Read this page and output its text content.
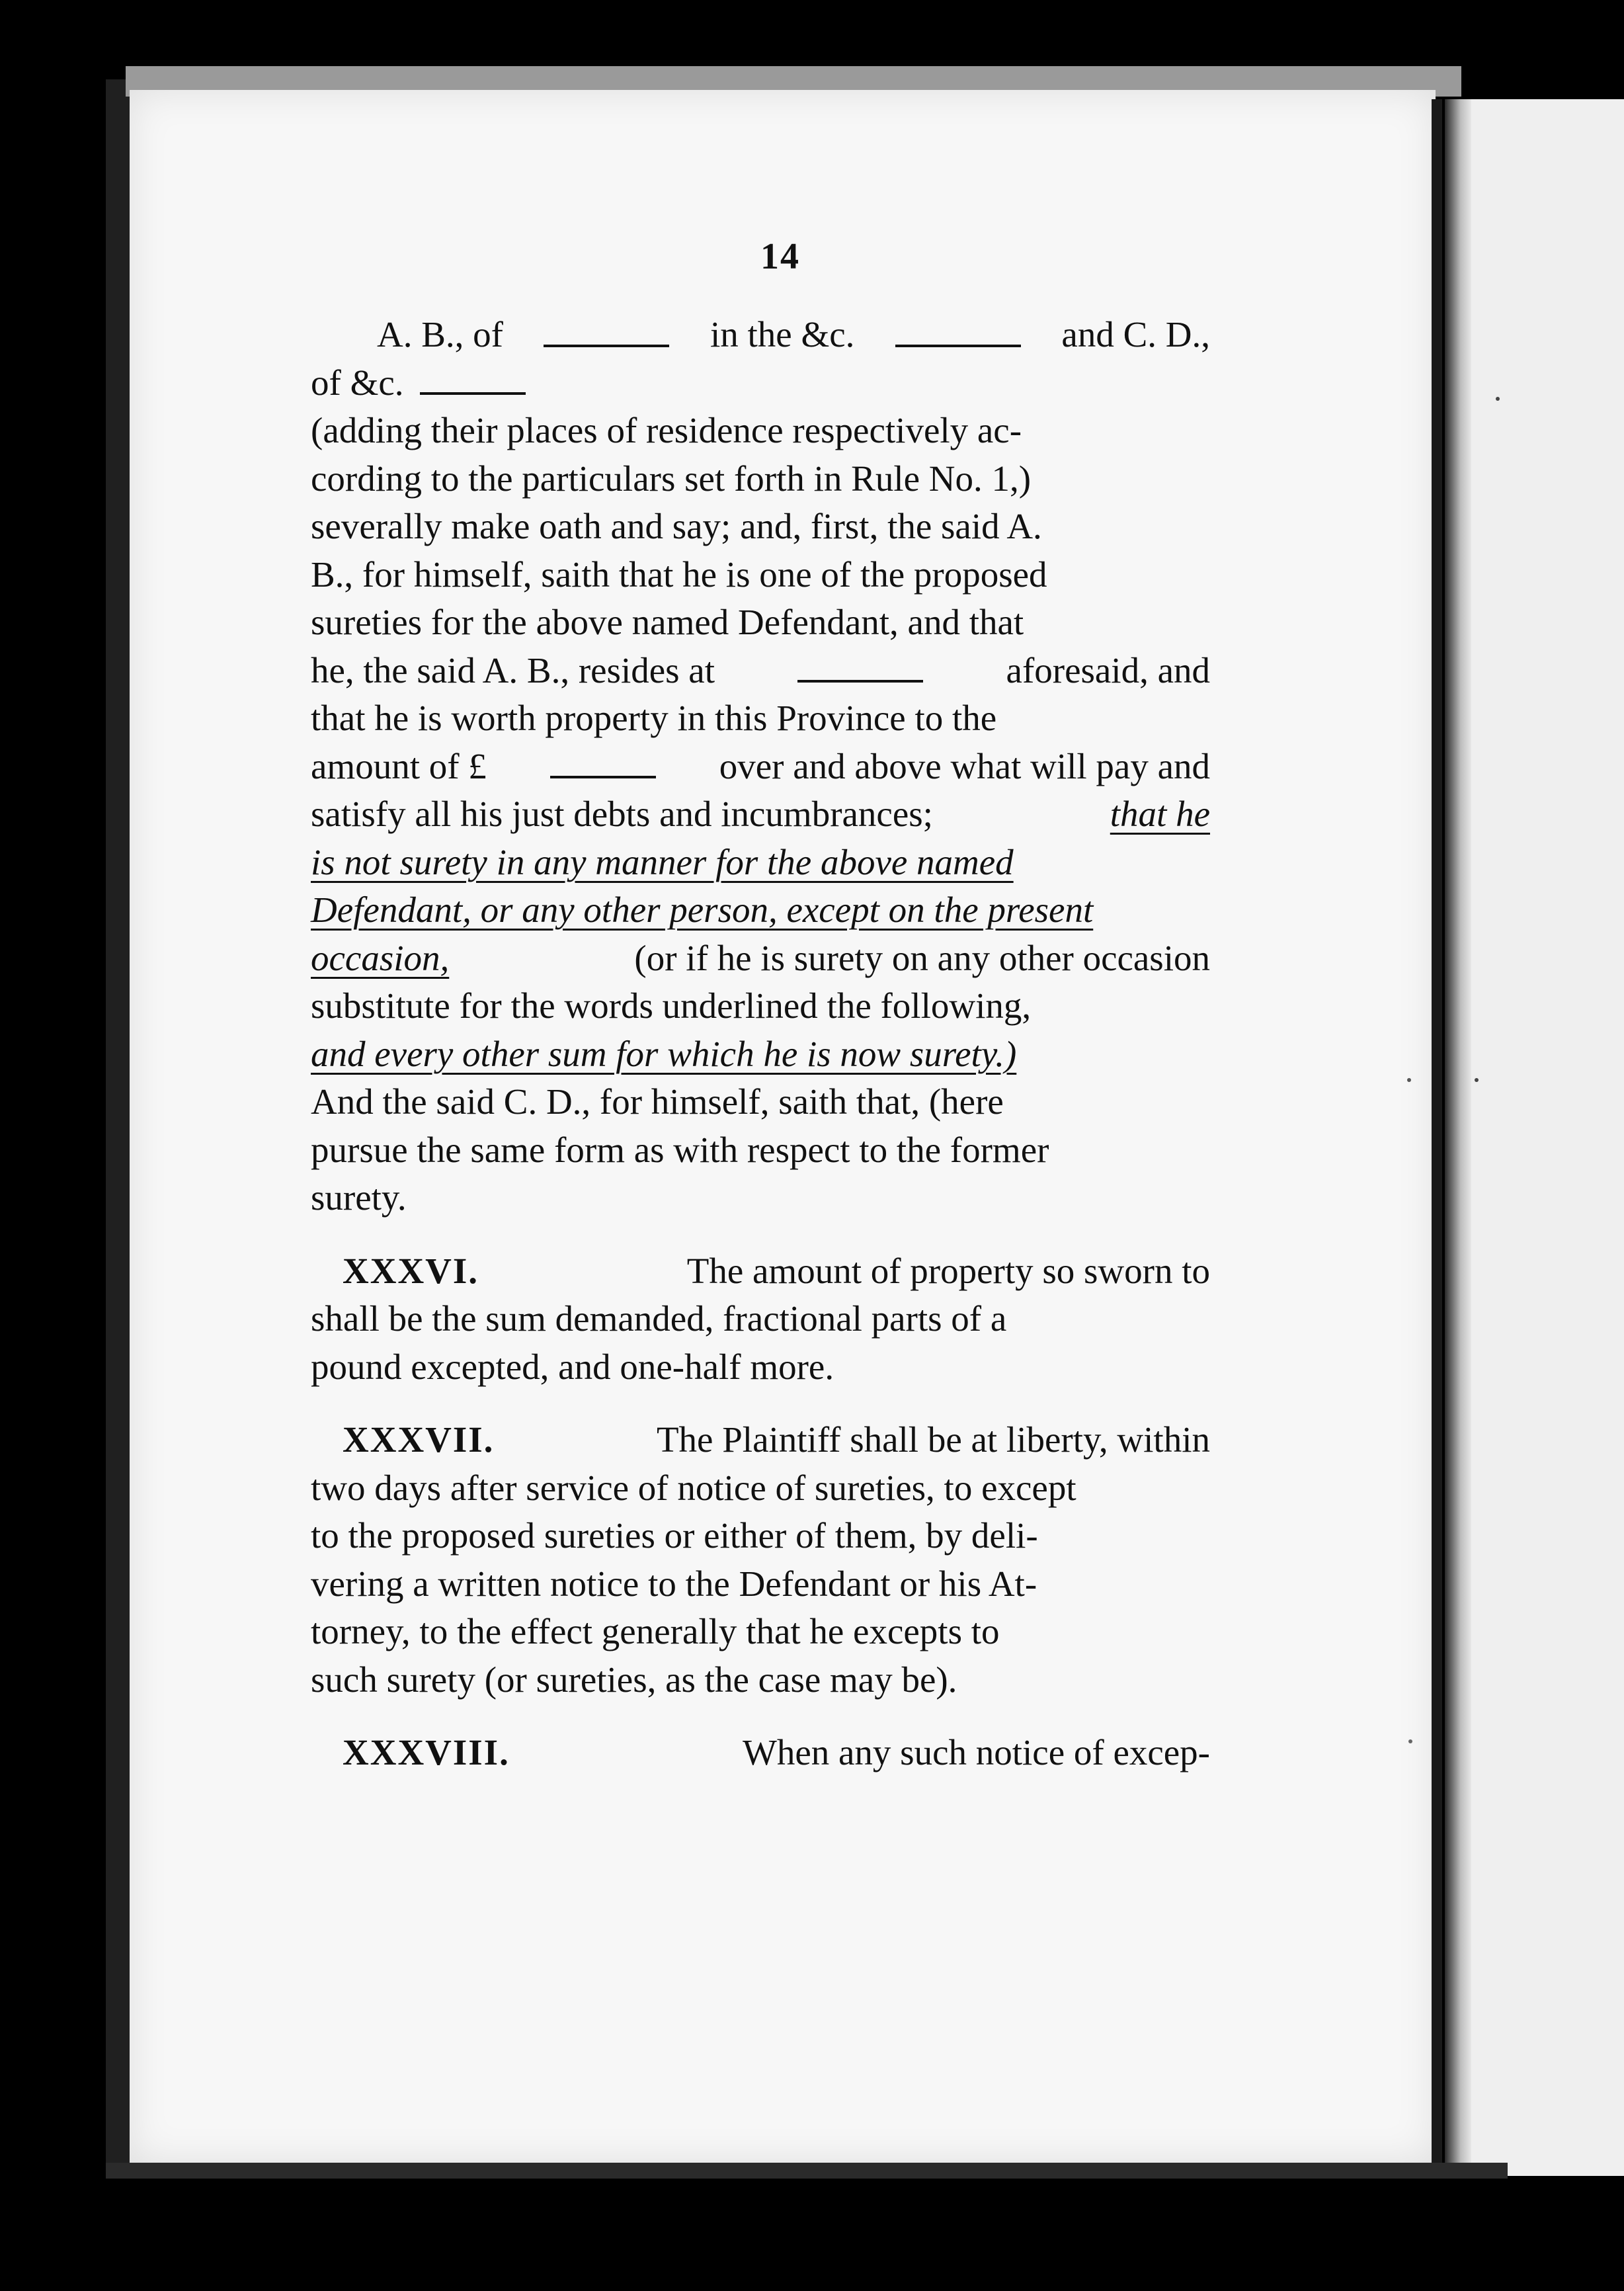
14
A. B., of	in the &c.	and C. D.,
of &c.
(adding their places of residence respectively ac-
cording to the particulars set forth in Rule No. 1,)
severally make oath and say; and, first, the said A.
B., for himself, saith that he is one of the proposed
sureties for the above named Defendant, and that
he, the said A. B., resides at	aforesaid, and
that he is worth property in this Province to the
amount of £	over and above what will pay and
satisfy all his just debts and incumbrances;	that he
is not surety in any manner for the above named
Defendant, or any other person, except on the present
occasion,	(or if he is surety on any other occasion
substitute for the words underlined the following,
and every other sum for which he is now surety.)
And the said C. D., for himself, saith that, (here
pursue the same form as with respect to the former
surety.
XXXVI.	The amount of property so sworn to
shall be the sum demanded, fractional parts of a
pound excepted, and one-half more.
XXXVII.	The Plaintiff shall be at liberty, within
two days after service of notice of sureties, to except
to the proposed sureties or either of them, by deli-
vering a written notice to the Defendant or his At-
torney, to the effect generally that he excepts to
such surety (or sureties, as the case may be).
XXXVIII.	When any such notice of excep-
